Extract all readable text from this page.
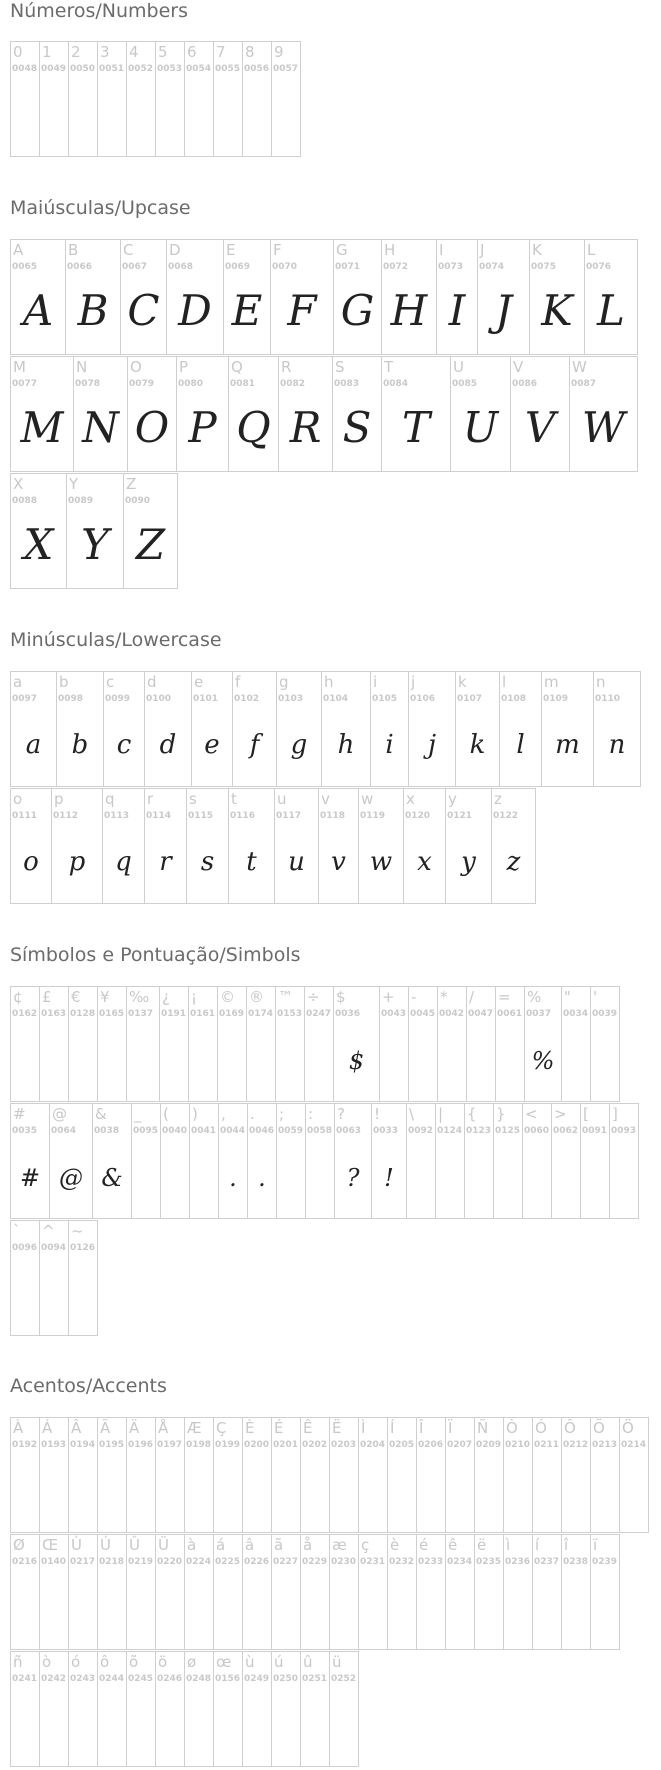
Números/Numbers
0
0048
1
0049
2
0050
3
0051
4
0052
5
0053
6
0054
7
0055
8
0056
9
0057
Maiúsculas/Upcase
A
0065
A
B
0066
B
C
0067
C
D
0068
D
E
0069
E
F
0070
F
G
0071
G
H
0072
H
I
0073
I
J
0074
J
K
0075
K
L
0076
L
M
0077
M
N
0078
N
O
0079
O
P
0080
P
Q
0081
Q
R
0082
R
S
0083
S
T
0084
T
U
0085
U
V
0086
V
W
0087
W
X
0088
X
Y
0089
Y
Z
0090
Z
Minúsculas/Lowercase
a
0097
a
b
0098
b
c
0099
c
d
0100
d
e
0101
e
f
0102
f
g
0103
g
h
0104
h
i
0105
i
j
0106
j
k
0107
k
l
0108
l
m
0109
m
n
0110
n
o
0111
o
p
0112
p
q
0113
q
r
0114
r
s
0115
s
t
0116
t
u
0117
u
v
0118
v
w
0119
w
x
0120
x
y
0121
y
z
0122
z
Símbolos e Pontuação/Simbols
¢
0162
£
0163
€
0128
¥
0165
‰
0137
¿
0191
¡
0161
©
0169
®
0174
™
0153
÷
0247
$
0036
$
+
0043
-
0045
*
0042
/
0047
=
0061
%
0037
%
"
0034
'
0039
#
0035
#
@
0064
@
&
0038
&
_
0095
(
0040
)
0041
,
0044
.
.
0046
.
;
0059
:
0058
?
0063
?
!
0033
!
\
0092
|
0124
{
0123
}
0125
<
0060
>
0062
[
0091
]
0093
`
0096
^
0094
~
0126
Acentos/Accents
À
0192
Á
0193
Â
0194
Ã
0195
Ä
0196
Å
0197
Æ
0198
Ç
0199
È
0200
É
0201
Ê
0202
Ë
0203
Ì
0204
Í
0205
Î
0206
Ï
0207
Ñ
0209
Ò
0210
Ó
0211
Ô
0212
Õ
0213
Ö
0214
Ø
0216
Œ
0140
Ù
0217
Ú
0218
Û
0219
Ü
0220
à
0224
á
0225
â
0226
ã
0227
å
0229
æ
0230
ç
0231
è
0232
é
0233
ê
0234
ë
0235
ì
0236
í
0237
î
0238
ï
0239
ñ
0241
ò
0242
ó
0243
ô
0244
õ
0245
ö
0246
ø
0248
œ
0156
ù
0249
ú
0250
û
0251
ü
0252
